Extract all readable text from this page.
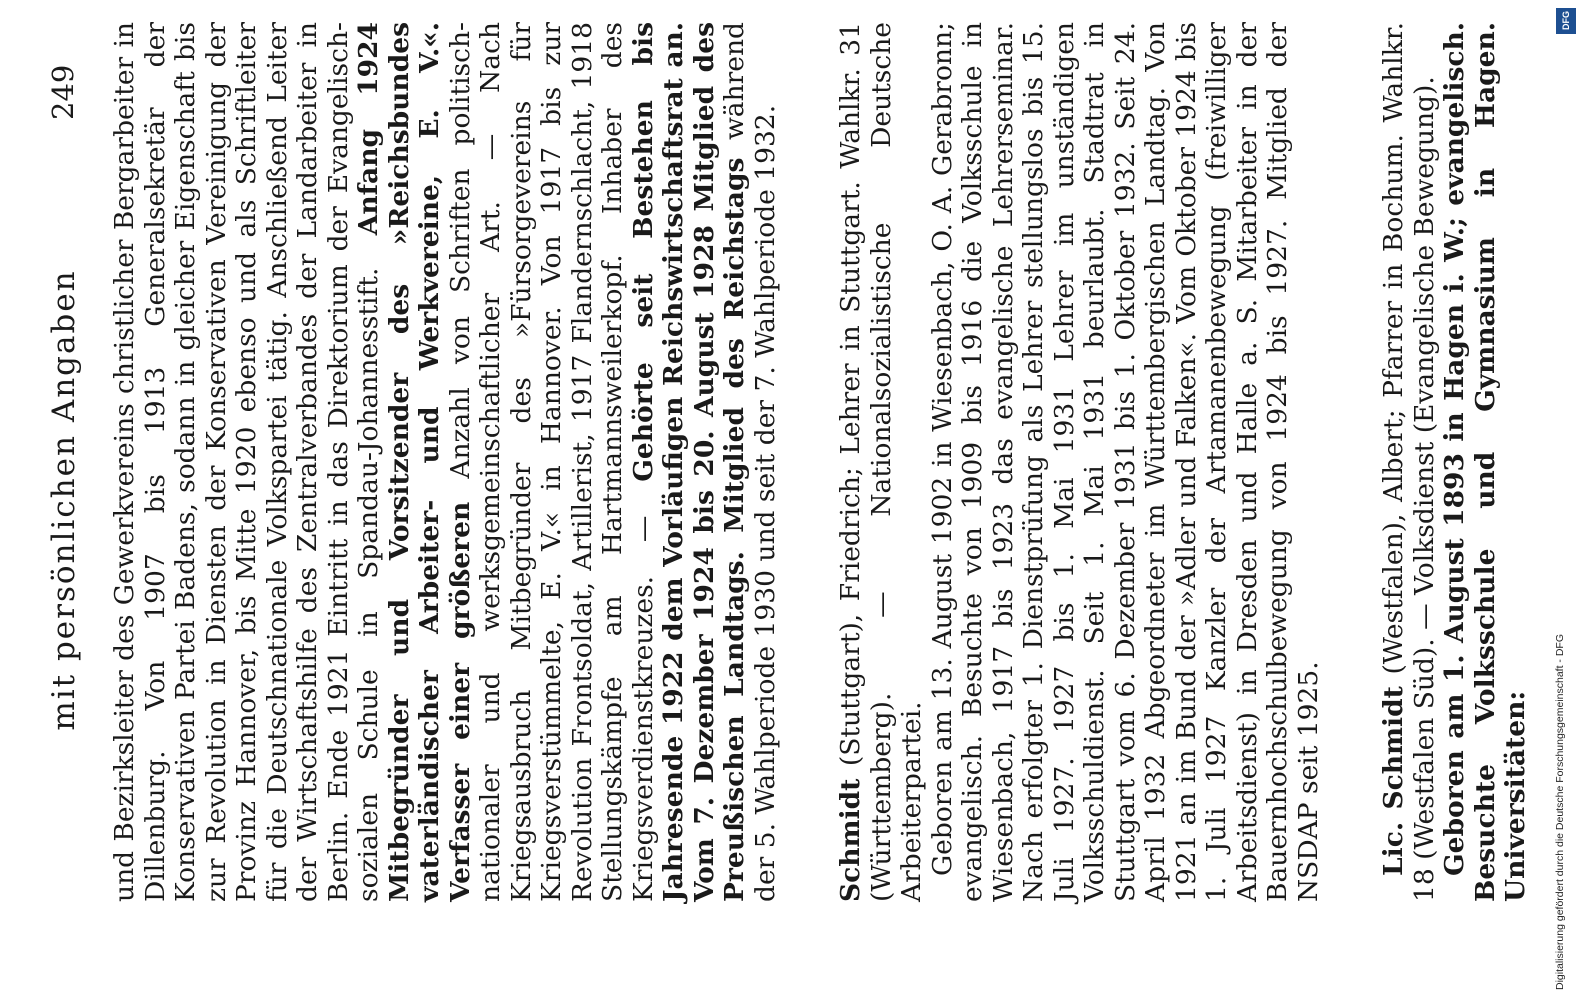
mit persönlichen Angaben
249 und Bezirksleiter des Gewerkvereins christlicher Bergarbeiter in Dillenburg. Von 1907 bis 1913 Generalsekretär der Konservativen Partei Badens, sodann in gleicher Eigenschaft bis zur Revolution in Diensten der Konservativen Vereinigung der Provinz Hannover, bis Mitte 1920 ebenso und als Schriftleiter für die Deutschnationale Volkspartei tätig. Anschließend Leiter der Wirtschaftshilfe des Zentralverbandes der Landarbeiter in Berlin. Ende 1921 Eintritt in das Direktorium der Evangelisch-sozialen Schule in Spandau-Johannesstift. Anfang 1924 Mitbegründer und Vorsitzender des »Reichsbundes vaterländischer Arbeiter- und Werkvereine, E. V.«. Verfasser einer größeren Anzahl von Schriften politisch-nationaler und werksgemeinschaftlicher Art. — Nach Kriegsausbruch Mitbegründer des »Fürsorgevereins für Kriegsverstümmelte, E. V.« in Hannover. Von 1917 bis zur Revolution Frontsoldat, Artillerist, 1917 Flandernschlacht, 1918 Stellungskämpfe am Hartmannsweilerkopf. Inhaber des Kriegsverdienstkreuzes. — Gehörte seit Bestehen bis Jahresende 1922 dem Vorläufigen Reichswirtschaftsrat an. Vom 7. Dezember 1924 bis 20. August 1928 Mitglied des Preußischen Landtags. Mitglied des Reichstags während der 5. Wahlperiode 1930 und seit der 7. Wahlperiode 1932. Schmidt (Stuttgart), Friedrich; Lehrer in Stuttgart. Wahlkr. 31 (Württemberg). — Nationalsozialistische Deutsche Arbeiterpartei. Geboren am 13. August 1902 in Wiesenbach, O. A. Gerabronn; evangelisch. Besuchte von 1909 bis 1916 die Volksschule in Wiesenbach, 1917 bis 1923 das evangelische Lehrerseminar. Nach erfolgter 1. Dienstprüfung als Lehrer stellungslos bis 15. Juli 1927. 1927 bis 1. Mai 1931 Lehrer im unständigen Volksschuldienst. Seit 1. Mai 1931 beurlaubt. Stadtrat in Stuttgart vom 6. Dezember 1931 bis 1. Oktober 1932. Seit 24. April 1932 Abgeordneter im Württembergischen Landtag. Von 1921 an im Bund der »Adler und Falken«. Vom Oktober 1924 bis 1. Juli 1927 Kanzler der Artamanenbewegung (freiwilliger Arbeitsdienst) in Dresden und Halle a. S. Mitarbeiter in der Bauernhochschulbewegung von 1924 bis 1927. Mitglied der NSDAP seit 1925. Lic. Schmidt (Westfalen), Albert; Pfarrer in Bochum. Wahlkr. 18 (Westfalen Süd). — Volksdienst (Evangelische Bewegung). Geboren am 1. August 1893 in Hagen i. W.; evangelisch. Besuchte Volksschule und Gymnasium in Hagen. Universitäten:

DFG
Digitalisierung gefördert durch die Deutsche Forschungsgemeinschaft - DFG
